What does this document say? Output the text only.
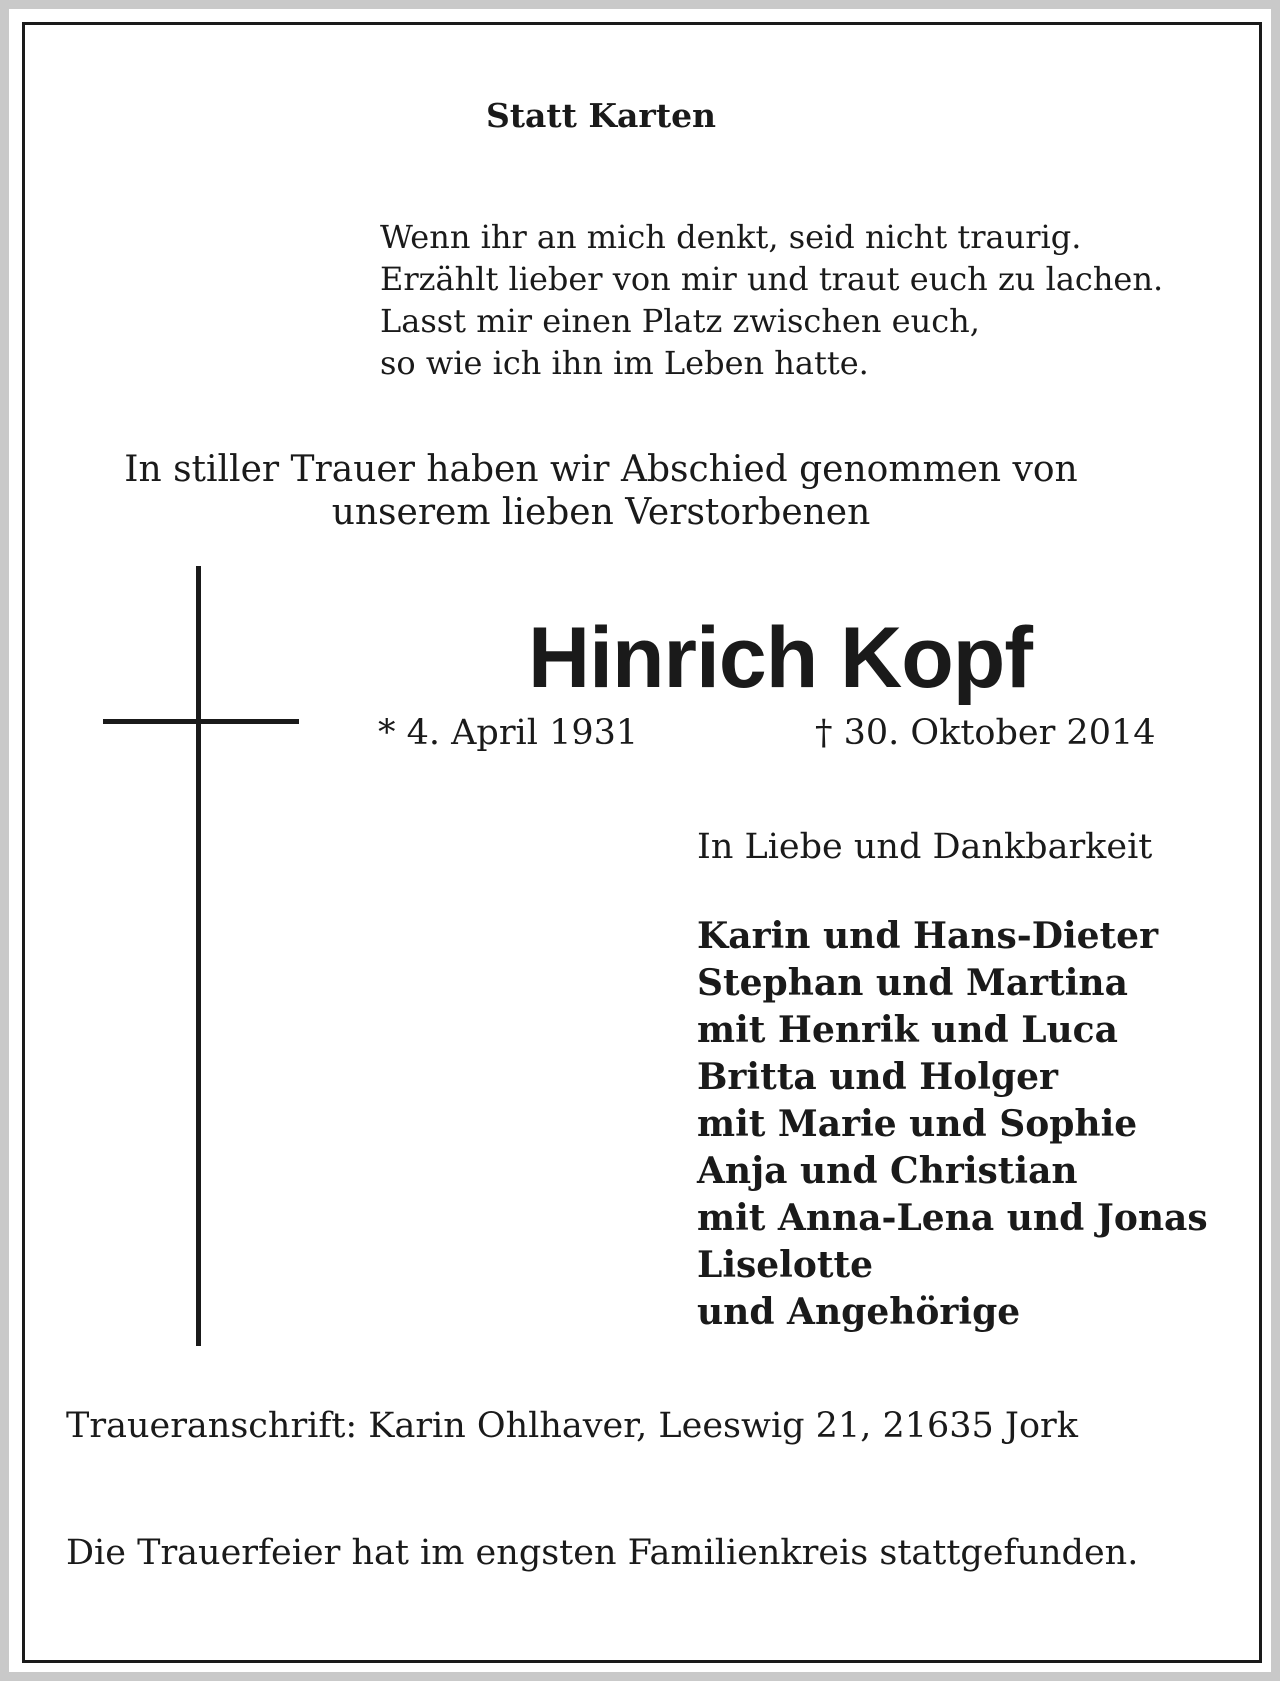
Statt Karten
Wenn ihr an mich denkt, seid nicht traurig.
Erzählt lieber von mir und traut euch zu lachen.
Lasst mir einen Platz zwischen euch,
so wie ich ihn im Leben hatte.
In stiller Trauer haben wir Abschied genommen von
unserem lieben Verstorbenen
Hinrich Kopf
* 4. April 1931	† 30. Oktober 2014
In Liebe und Dankbarkeit
Karin und Hans-Dieter
Stephan und Martina
mit Henrik und Luca
Britta und Holger
mit Marie und Sophie
Anja und Christian
mit Anna-Lena und Jonas
Liselotte
und Angehörige
Traueranschrift: Karin Ohlhaver, Leeswig 21, 21635 Jork
Die Trauerfeier hat im engsten Familienkreis stattgefunden.
